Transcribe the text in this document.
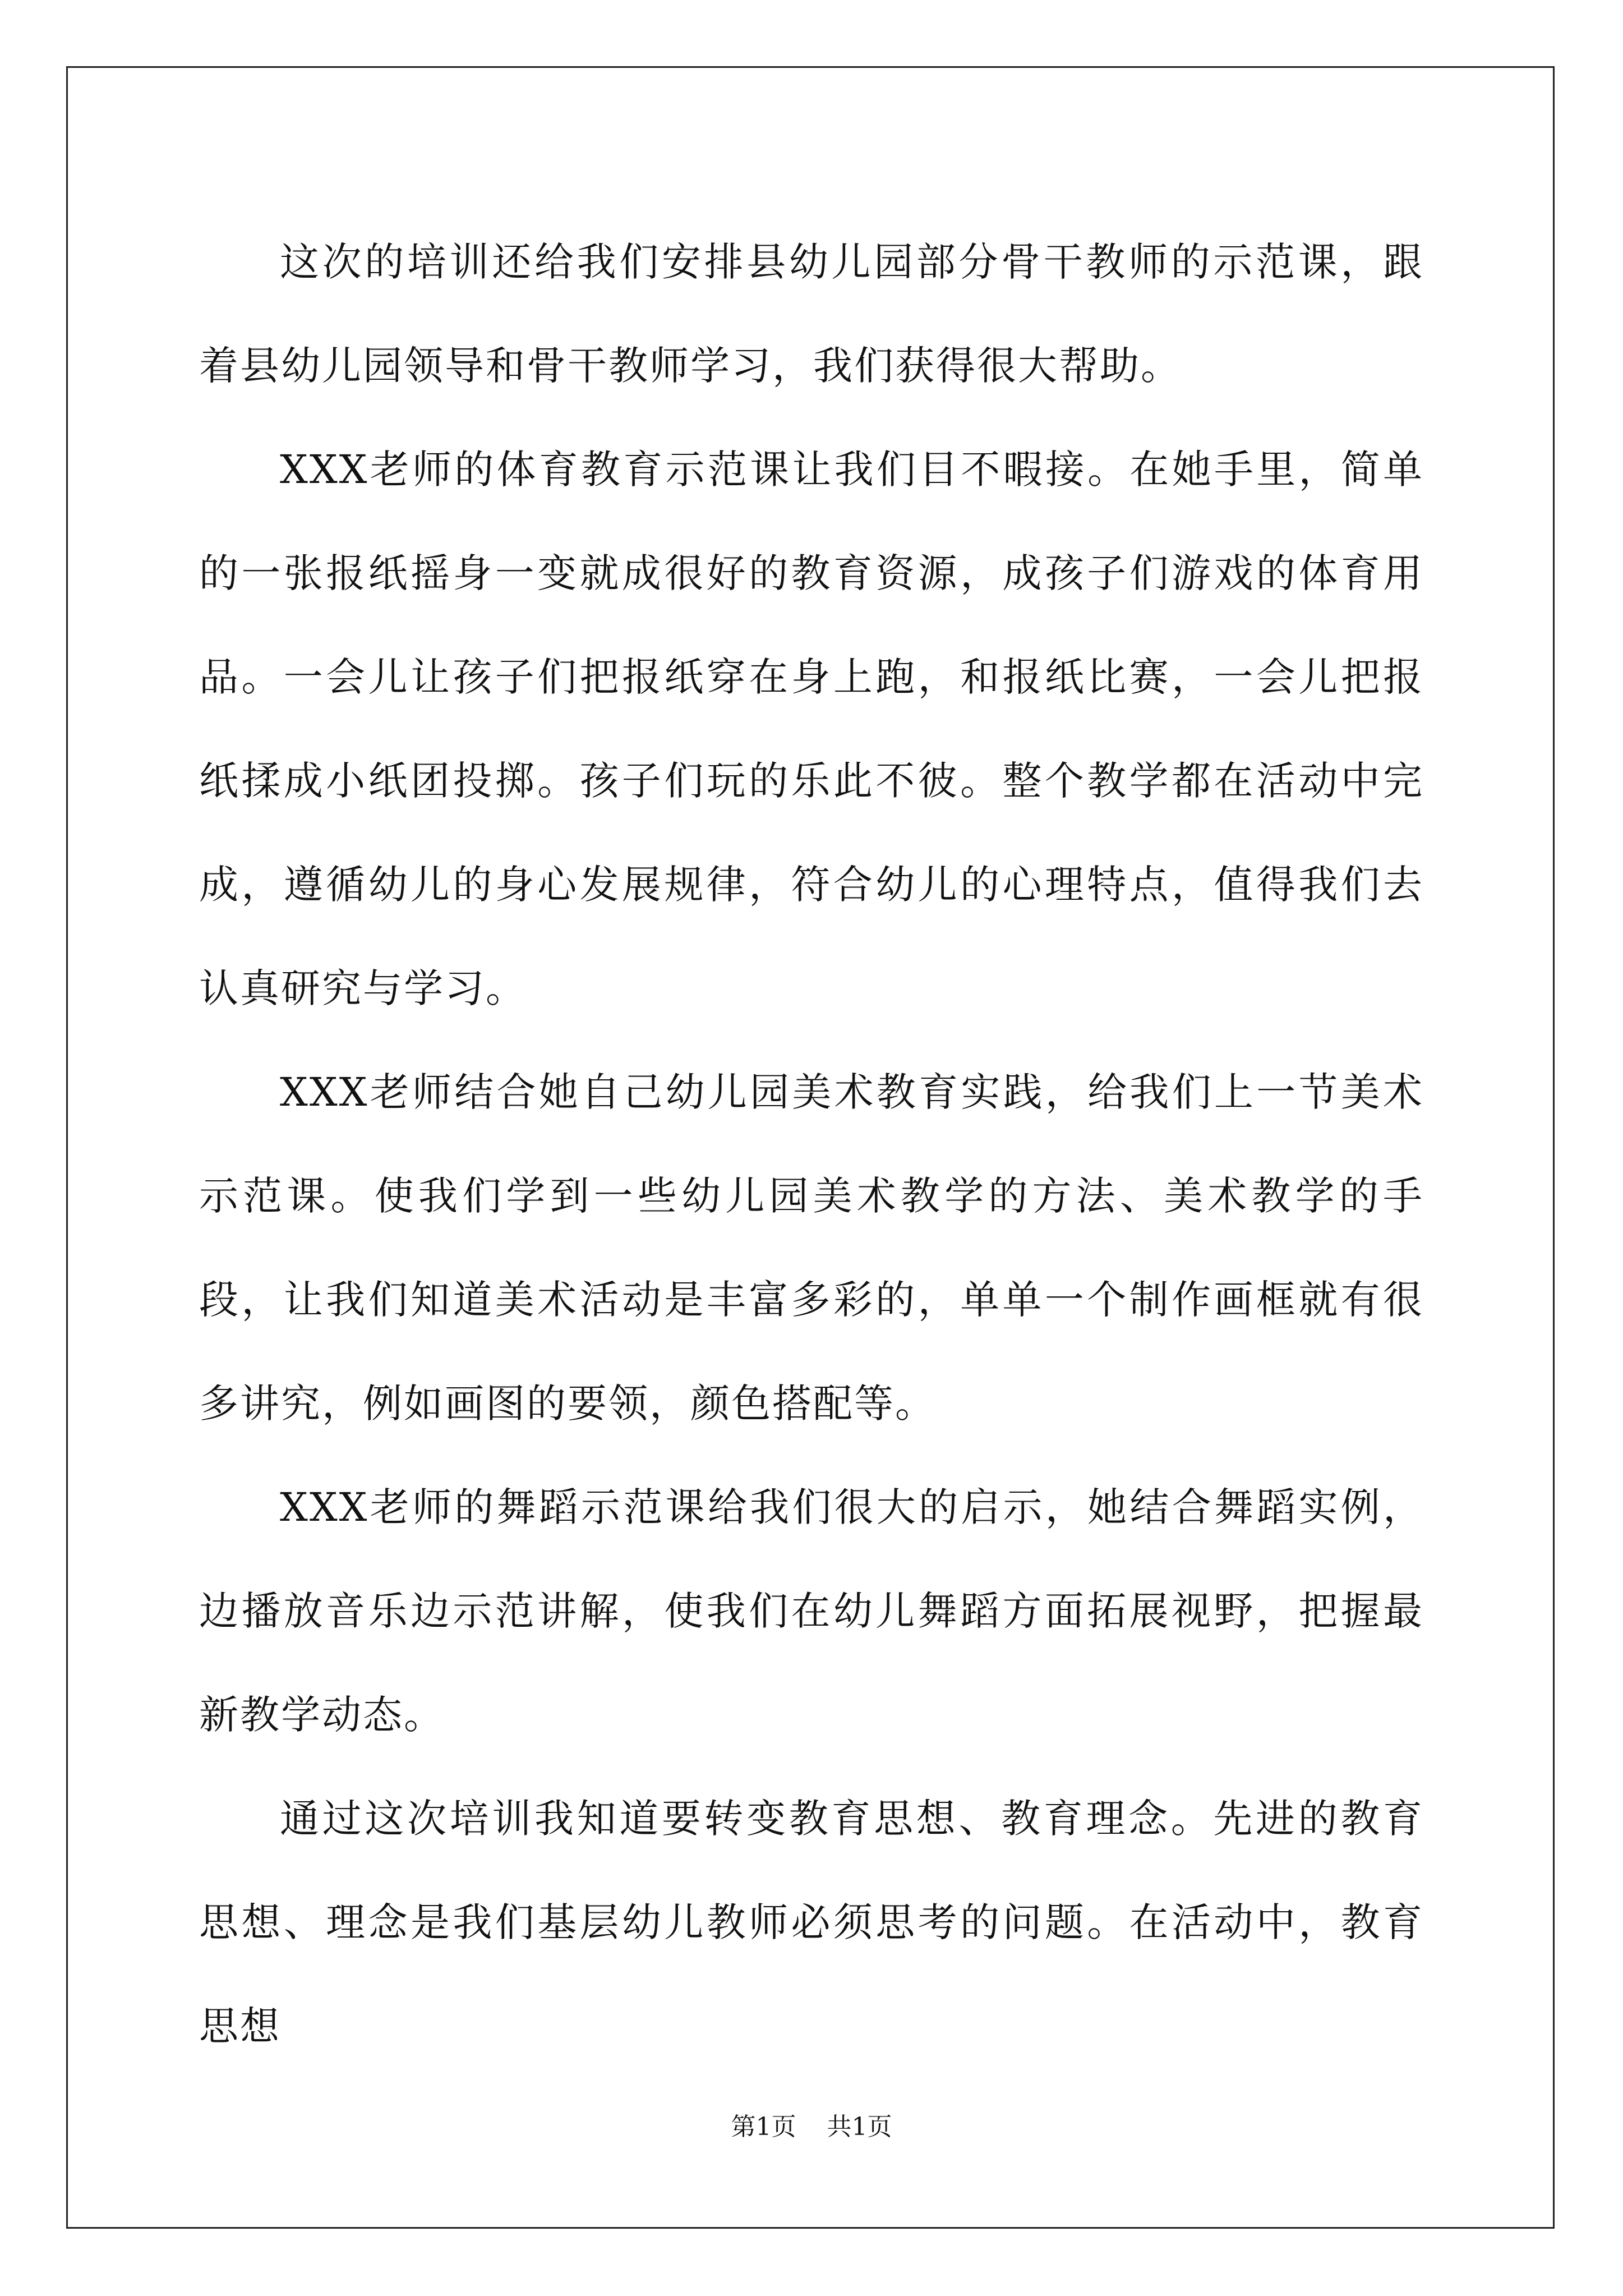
这次的培训还给我们安排县幼儿园部分骨干教师的示范课，跟着县幼儿园领导和骨干教师学习，我们获得很大帮助。

XXX老师的体育教育示范课让我们目不暇接。在她手里，简单的一张报纸摇身一变就成很好的教育资源，成孩子们游戏的体育用品。一会儿让孩子们把报纸穿在身上跑，和报纸比赛，一会儿把报纸揉成小纸团投掷。孩子们玩的乐此不彼。整个教学都在活动中完成，遵循幼儿的身心发展规律，符合幼儿的心理特点，值得我们去认真研究与学习。

XXX老师结合她自己幼儿园美术教育实践，给我们上一节美术示范课。使我们学到一些幼儿园美术教学的方法、美术教学的手段，让我们知道美术活动是丰富多彩的，单单一个制作画框就有很多讲究，例如画图的要领，颜色搭配等。

XXX老师的舞蹈示范课给我们很大的启示，她结合舞蹈实例，边播放音乐边示范讲解，使我们在幼儿舞蹈方面拓展视野，把握最新教学动态。

通过这次培训我知道要转变教育思想、教育理念。先进的教育思想、理念是我们基层幼儿教师必须思考的问题。在活动中，教育思想

第1页 共1页
